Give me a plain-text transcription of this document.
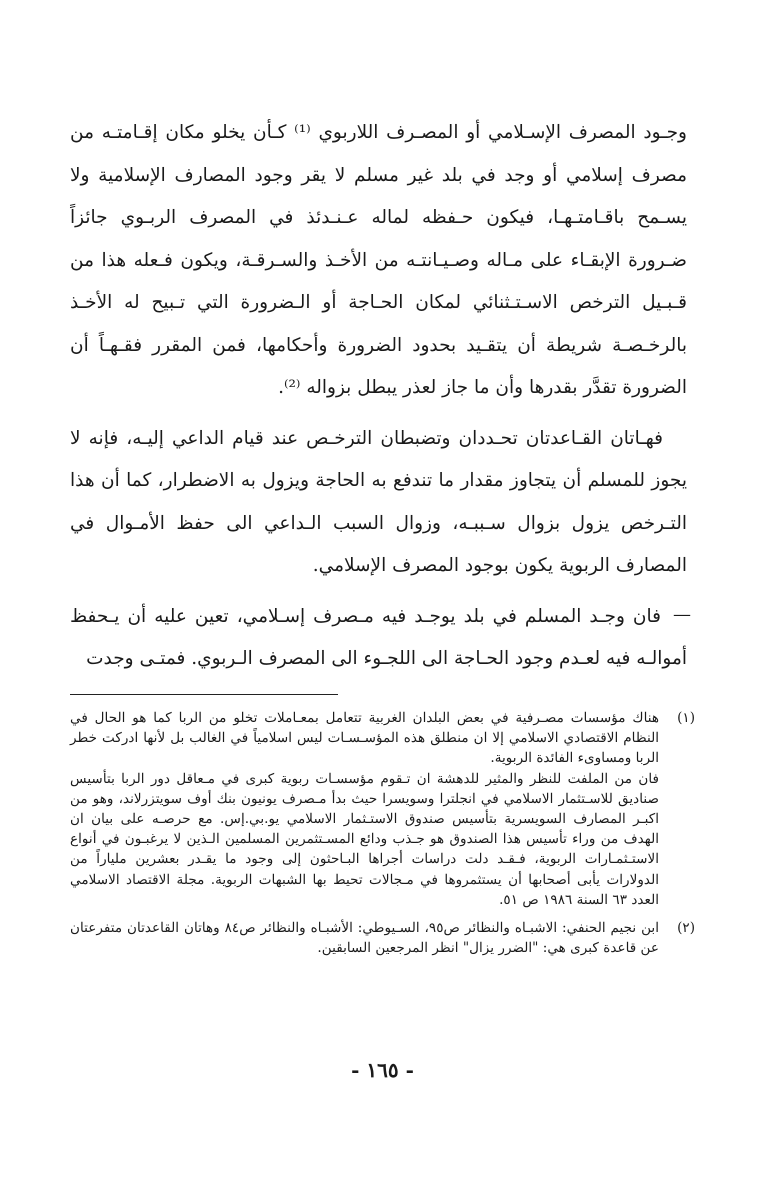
وجـود المصرف الإسـلامي أو المصـرف اللاربوي ⁽¹⁾ كـأن يخلو مكان إقـامتـه من مصرف إسلامي أو وجد في بلد غير مسلم لا يقر وجود المصارف الإسلامية ولا يسـمح باقـامتـهـا، فيكون حـفظه لماله عـنـدئذ في المصرف الربـوي جائزاً ضـرورة الإبقـاء على مـاله وصـيـانتـه من الأخـذ والسـرقـة، ويكون فـعله هذا من قـبـيل الترخص الاسـتـثنائي لمكان الحـاجة أو الـضرورة التي تـبيح له الأخـذ بالرخـصـة شريطة أن يتقـيد بحدود الضرورة وأحكامها، فمن المقرر فقـهـاً أن الضرورة تقدَّر بقدرها وأن ما جاز لعذر يبطل بزواله ⁽²⁾.

فهـاتان القـاعدتان تحـددان وتضبطان الترخـص عند قيام الداعي إليـه، فإنه لا يجوز للمسلم أن يتجاوز مقدار ما تندفع به الحاجة ويزول به الاضطرار، كما أن هذا التـرخص يزول بزوال سـببـه، وزوال السبب الـداعي الى حفظ الأمـوال في المصارف الربوية يكون بوجود المصرف الإسلامي.

—
فان وجـد المسلم في بلد يوجـد فيه مـصرف إسـلامي، تعين عليه أن يـحفظ أموالـه فيه لعـدم وجود الحـاجة الى اللجـوء الى المصرف الـربوي. فمتـى وجدت

(١)

هناك مؤسسات مصـرفية في بعض البلدان الغربية تتعامل بمعـاملات تخلو من الربا كما هو الحال في النظام الاقتصادي الاسلامي إلا ان منطلق هذه المؤسـسـات ليس اسلامياً في الغالب بل لأنها ادركت خطر الربا ومساوىء الفائدة الربوية.

فان من الملفت للنظر والمثير للدهشة ان تـقوم مؤسسـات ربوية كبرى في مـعاقل دور الربا بتأسيس صناديق للاسـتثمار الاسلامي في انجلترا وسويسرا حيث بدأ مـصرف يونيون بنك أوف سويتزرلاند، وهو من اكبـر المصارف السويسرية بتأسيس صندوق الاستـثمار الاسلامي يو.بي.إس. مع حرصـه على بيان ان الهدف من وراء تأسيس هذا الصندوق هو جـذب ودائع المسـتثمرين المسلمين الـذين لا يرغبـون في أنواع الاستـثمـارات الربوية، فـقـد دلت دراسات أجراها البـاحثون إلى وجود ما يقـدر بعشرين ملياراً من الدولارات يأبى أصحابها أن يستثمروها في مـجالات تحيط بها الشبهات الربوية. مجلة الاقتصاد الاسلامي العدد ٦٣ السنة ١٩٨٦ ص ٥١.

(٢)

ابن نجيم الحنفي: الاشبـاه والنظائر ص٩٥، السـيوطي: الأشبـاه والنظائر ص٨٤ وهاتان القاعدتان متفرعتان عن قاعدة كبرى هي: "الضرر يزال" انظر المرجعين السابقين.

- ١٦٥ -
